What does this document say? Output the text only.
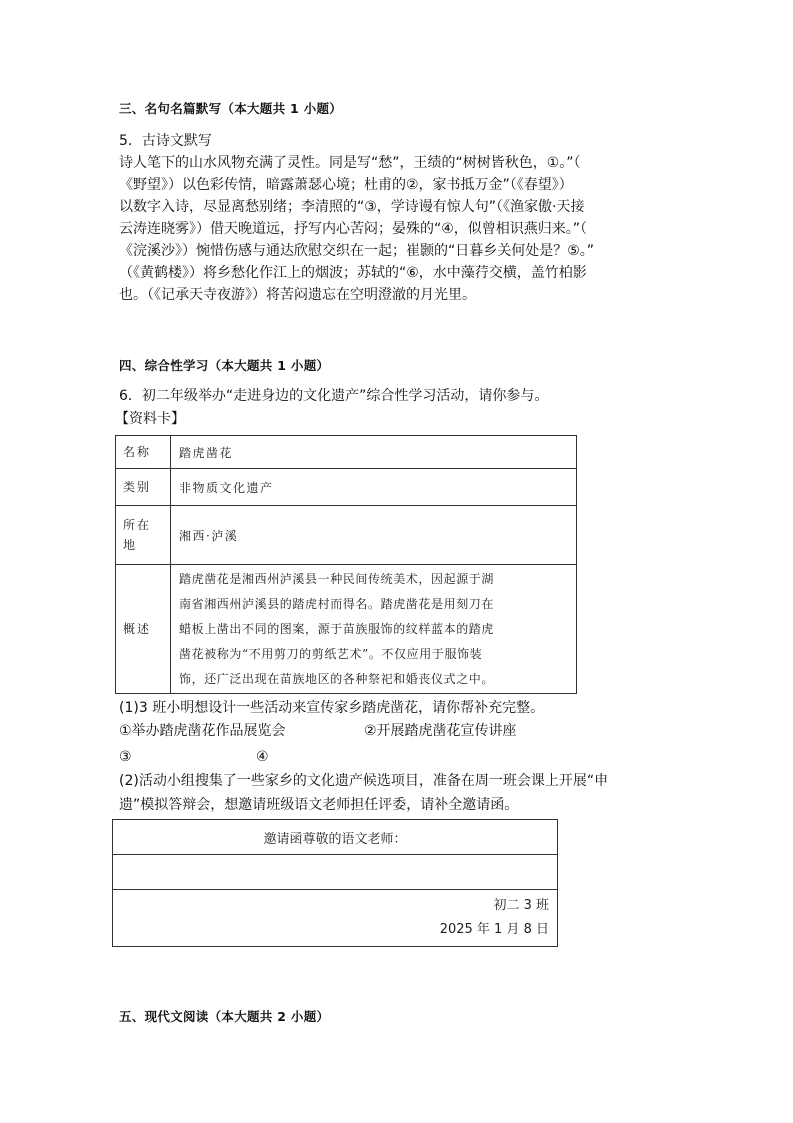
三、名句名篇默写（本大题共 1 小题）
5．古诗文默写
诗人笔下的山水风物充满了灵性。同是写“愁”，王绩的“树树皆秋色，①。”（
《野望》）以色彩传情，暗露萧瑟心境；杜甫的②，家书抵万金”（《春望》）
以数字入诗，尽显离愁别绪；李清照的“③，学诗谩有惊人句”（《渔家傲·天接
云涛连晓雾》）借天晚道远，抒写内心苦闷；晏殊的“④，似曾相识燕归来。”（
《浣溪沙》）惋惜伤感与通达欣慰交织在一起；崔颢的“日暮乡关何处是？⑤。”
（《黄鹤楼》）将乡愁化作江上的烟波；苏轼的“⑥，水中藻荇交横，盖竹柏影
也。（《记承天寺夜游》）将苦闷遗忘在空明澄澈的月光里。
四、综合性学习（本大题共 1 小题）
6．初二年级举办“走进身边的文化遗产”综合性学习活动，请你参与。
【资料卡】
名称	踏虎凿花
类别	非物质文化遗产

所在
地	湘西·泸溪
概述	踏虎凿花是湘西州泸溪县一种民间传统美术，因起源于湖
南省湘西州泸溪县的踏虎村而得名。踏虎凿花是用刻刀在
蜡板上凿出不同的图案，源于苗族服饰的纹样蓝本的踏虎
凿花被称为“不用剪刀的剪纸艺术”。不仅应用于服饰装
饰，还广泛出现在苗族地区的各种祭祀和婚丧仪式之中。
(1)3 班小明想设计一些活动来宣传家乡踏虎凿花，请你帮补充完整。
①举办踏虎凿花作品展览会	②开展踏虎凿花宣传讲座
③	④
(2)活动小组搜集了一些家乡的文化遗产候选项目，准备在周一班会课上开展“申
遗”模拟答辩会，想邀请班级语文老师担任评委，请补全邀请函。
邀请函尊敬的语文老师：

初二 3 班
2025 年 1 月 8 日
五、现代文阅读（本大题共 2 小题）
